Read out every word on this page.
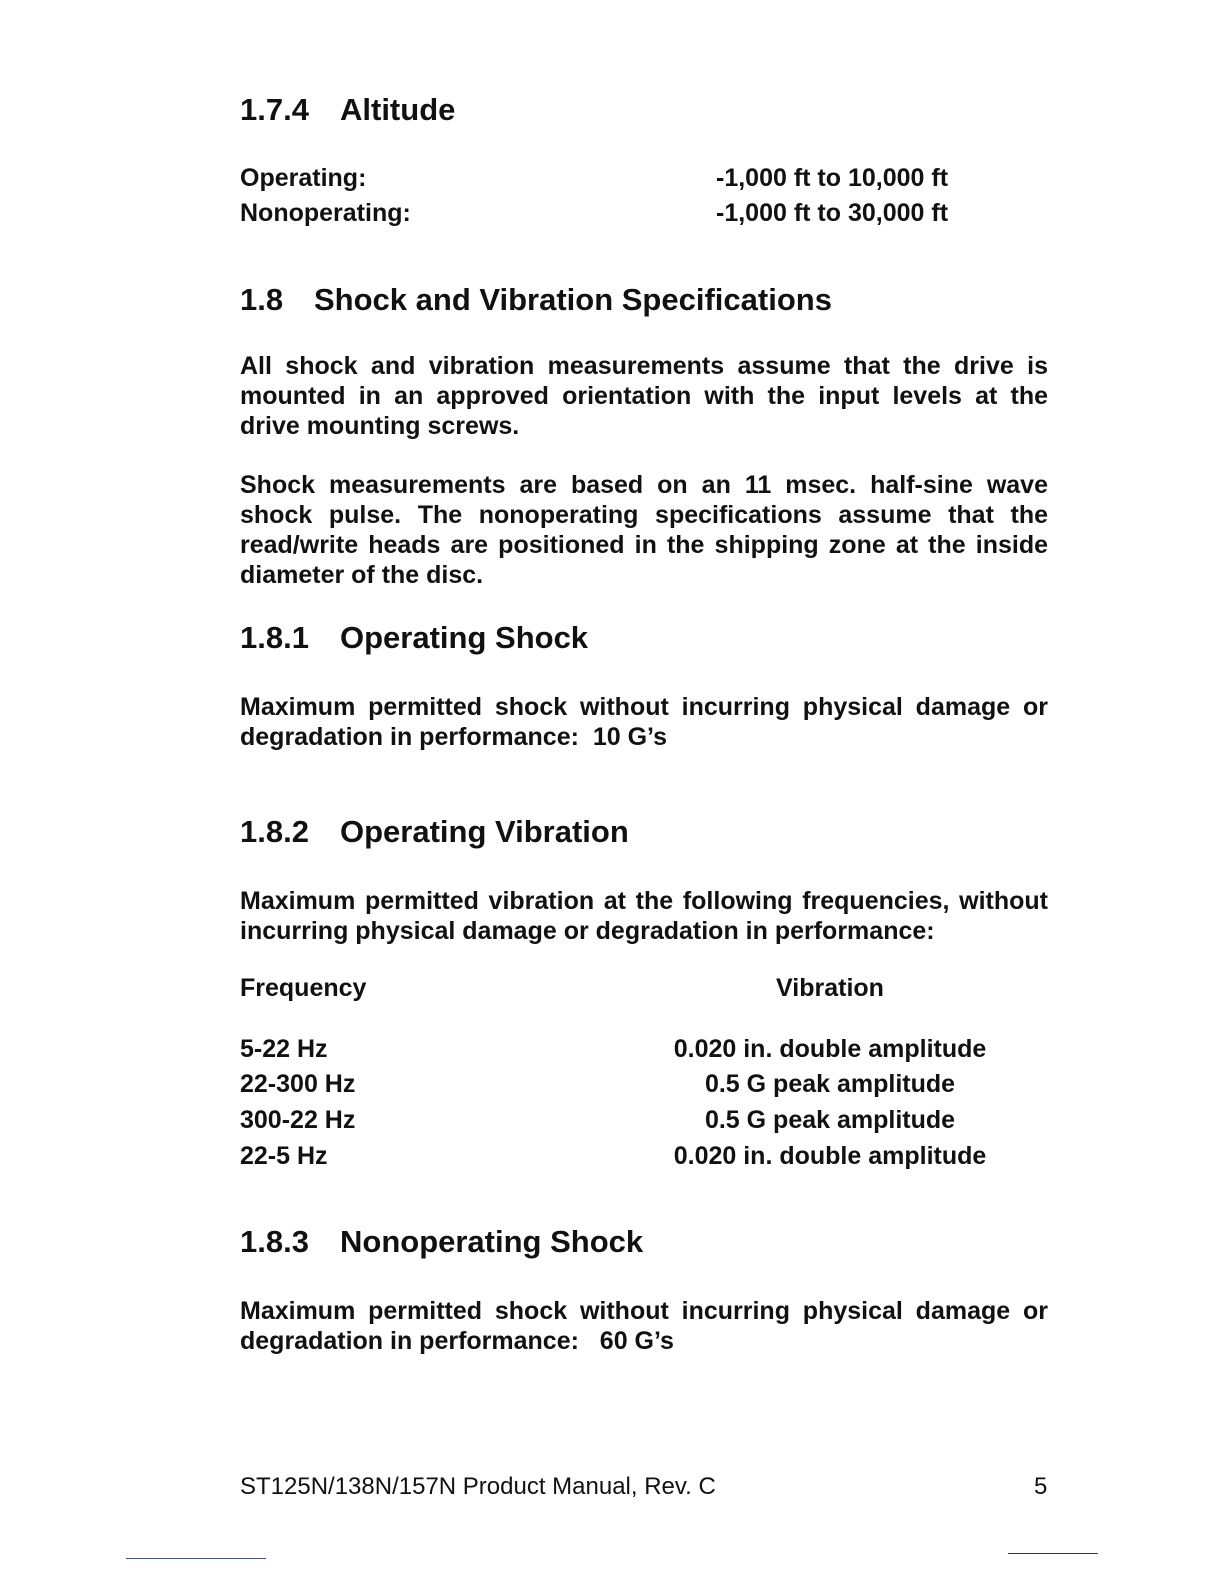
1.7.4 Altitude
Operating:	-1,000 ft to 10,000 ft
Nonoperating:	-1,000 ft to 30,000 ft
1.8 Shock and Vibration Specifications
All shock and vibration measurements assume that the drive is mounted in an approved orientation with the input levels at the drive mounting screws.
Shock measurements are based on an 11 msec. half-sine wave shock pulse. The nonoperating specifications assume that the read/write heads are positioned in the shipping zone at the inside diameter of the disc.
1.8.1 Operating Shock
Maximum permitted shock without incurring physical damage or degradation in performance: 10 G’s
1.8.2 Operating Vibration
Maximum permitted vibration at the following frequencies, without incurring physical damage or degradation in performance:
Frequency	Vibration
5-22 Hz	0.020 in. double amplitude
22-300 Hz	0.5 G peak amplitude
300-22 Hz	0.5 G peak amplitude
22-5 Hz	0.020 in. double amplitude
1.8.3 Nonoperating Shock
Maximum permitted shock without incurring physical damage or degradation in performance: 60 G’s
ST125N/138N/157N Product Manual, Rev. C	5
